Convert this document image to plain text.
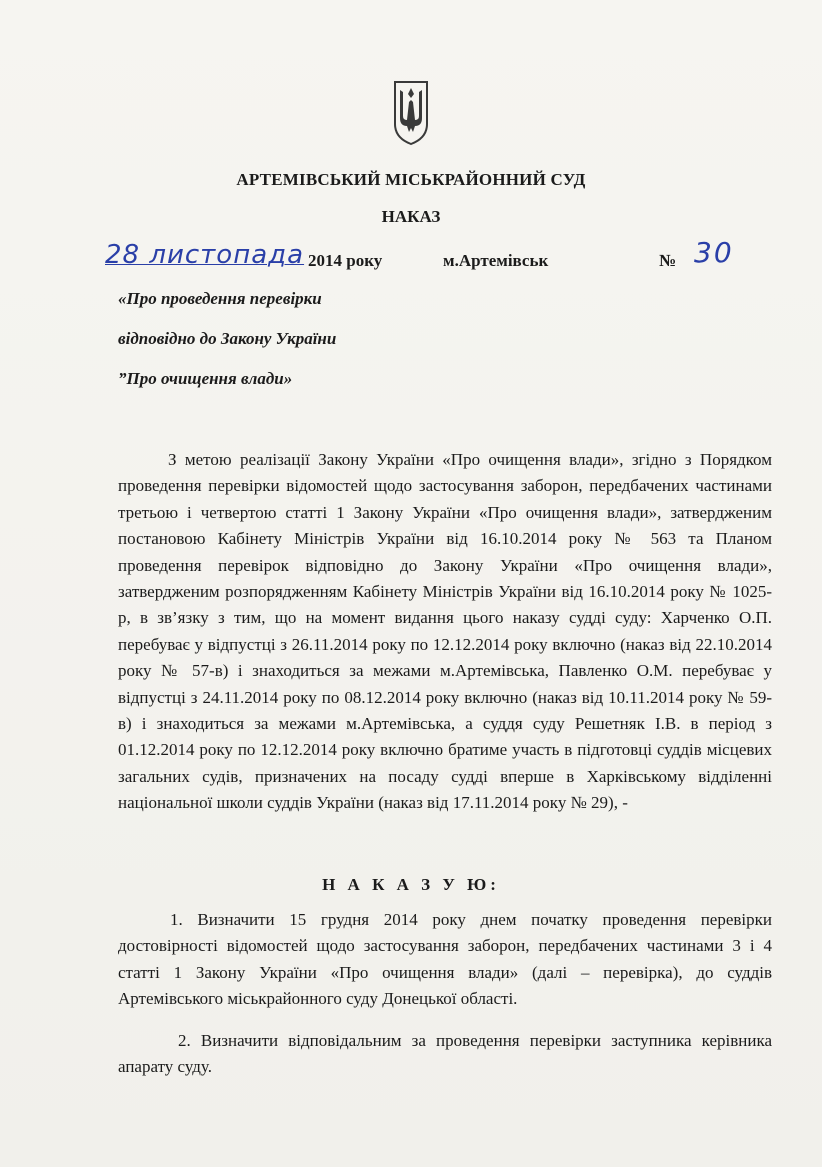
АРТЕМІВСЬКИЙ МІСЬКРАЙОННИЙ СУД
НАКАЗ
28 листопада 2014 року	м.Артемівськ	№ 30
«Про проведення перевірки
відповідно до Закону України
”Про очищення влади»

З метою реалізації Закону України «Про очищення влади», згідно з Порядком проведення перевірки відомостей щодо застосування заборон, передбачених частинами третьою і четвертою статті 1 Закону України «Про очищення влади», затвердженим постановою Кабінету Міністрів України від 16.10.2014 року № 563 та Планом проведення перевірок відповідно до Закону України «Про очищення влади», затвердженим розпорядженням Кабінету Міністрів України від 16.10.2014 року № 1025-р, в зв’язку з тим, що на момент видання цього наказу судді суду: Харченко О.П. перебуває у відпустці з 26.11.2014 року по 12.12.2014 року включно (наказ від 22.10.2014 року № 57-в) і знаходиться за межами м.Артемівська, Павленко О.М. перебуває у відпустці з 24.11.2014 року по 08.12.2014 року включно (наказ від 10.11.2014 року № 59-в) і знаходиться за межами м.Артемівська, а суддя суду Решетняк І.В. в період з 01.12.2014 року по 12.12.2014 року включно братиме участь в підготовці суддів місцевих загальних судів, призначених на посаду судді вперше в Харківському відділенні національної школи суддів України (наказ від 17.11.2014 року № 29), -

Н А К А З У Ю:

1. Визначити 15 грудня 2014 року днем початку проведення перевірки достовірності відомостей щодо застосування заборон, передбачених частинами 3 і 4 статті 1 Закону України «Про очищення влади» (далі – перевірка), до суддів Артемівського міськрайонного суду Донецької області.

2. Визначити відповідальним за проведення перевірки заступника керівника апарату суду.
